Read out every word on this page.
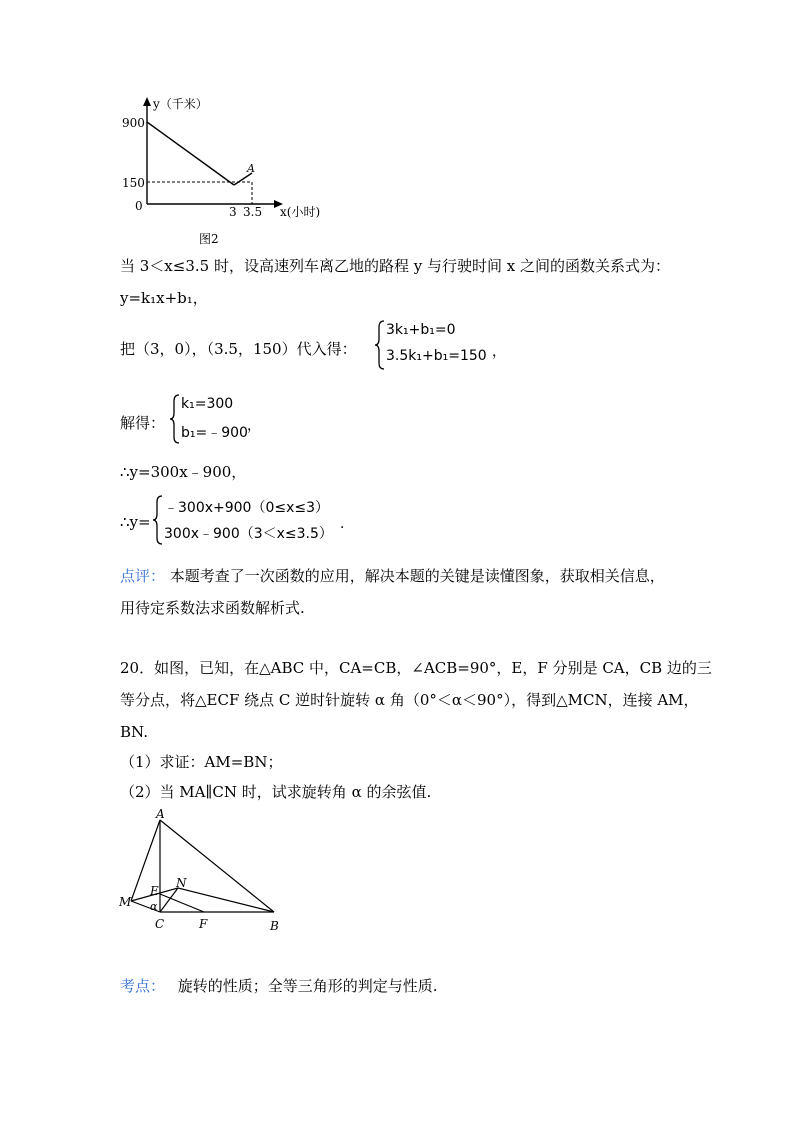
y（千米）
900
150
0	3 3.5
A
x(小时)
图2
当 3＜x≤3.5 时，设高速列车离乙地的路程 y 与行驶时间 x 之间的函数关系式为：
y=k₁x+b₁，
把（3，0），（3.5，150）代入得：
3k₁+b₁=0
3.5k₁+b₁=150 ，
解得：
k₁=300
b₁=﹣900 ，
∴y=300x﹣900，
∴y=
﹣300x+900（0≤x≤3）
300x﹣900（3＜x≤3.5）
.
点评： 本题考查了一次函数的应用，解决本题的关键是读懂图象，获取相关信息，
用待定系数法求函数解析式.
20．如图，已知，在△ABC 中，CA=CB，∠ACB=90°，E，F 分别是 CA，CB 边的三
等分点，将△ECF 绕点 C 逆时针旋转 α 角（0°＜α＜90°），得到△MCN，连接 AM，
BN.
（1）求证：AM=BN；
（2）当 MA∥CN 时，试求旋转角 α 的余弦值.
A
E
N
M α
C	F	B
考点： 旋转的性质；全等三角形的判定与性质.
